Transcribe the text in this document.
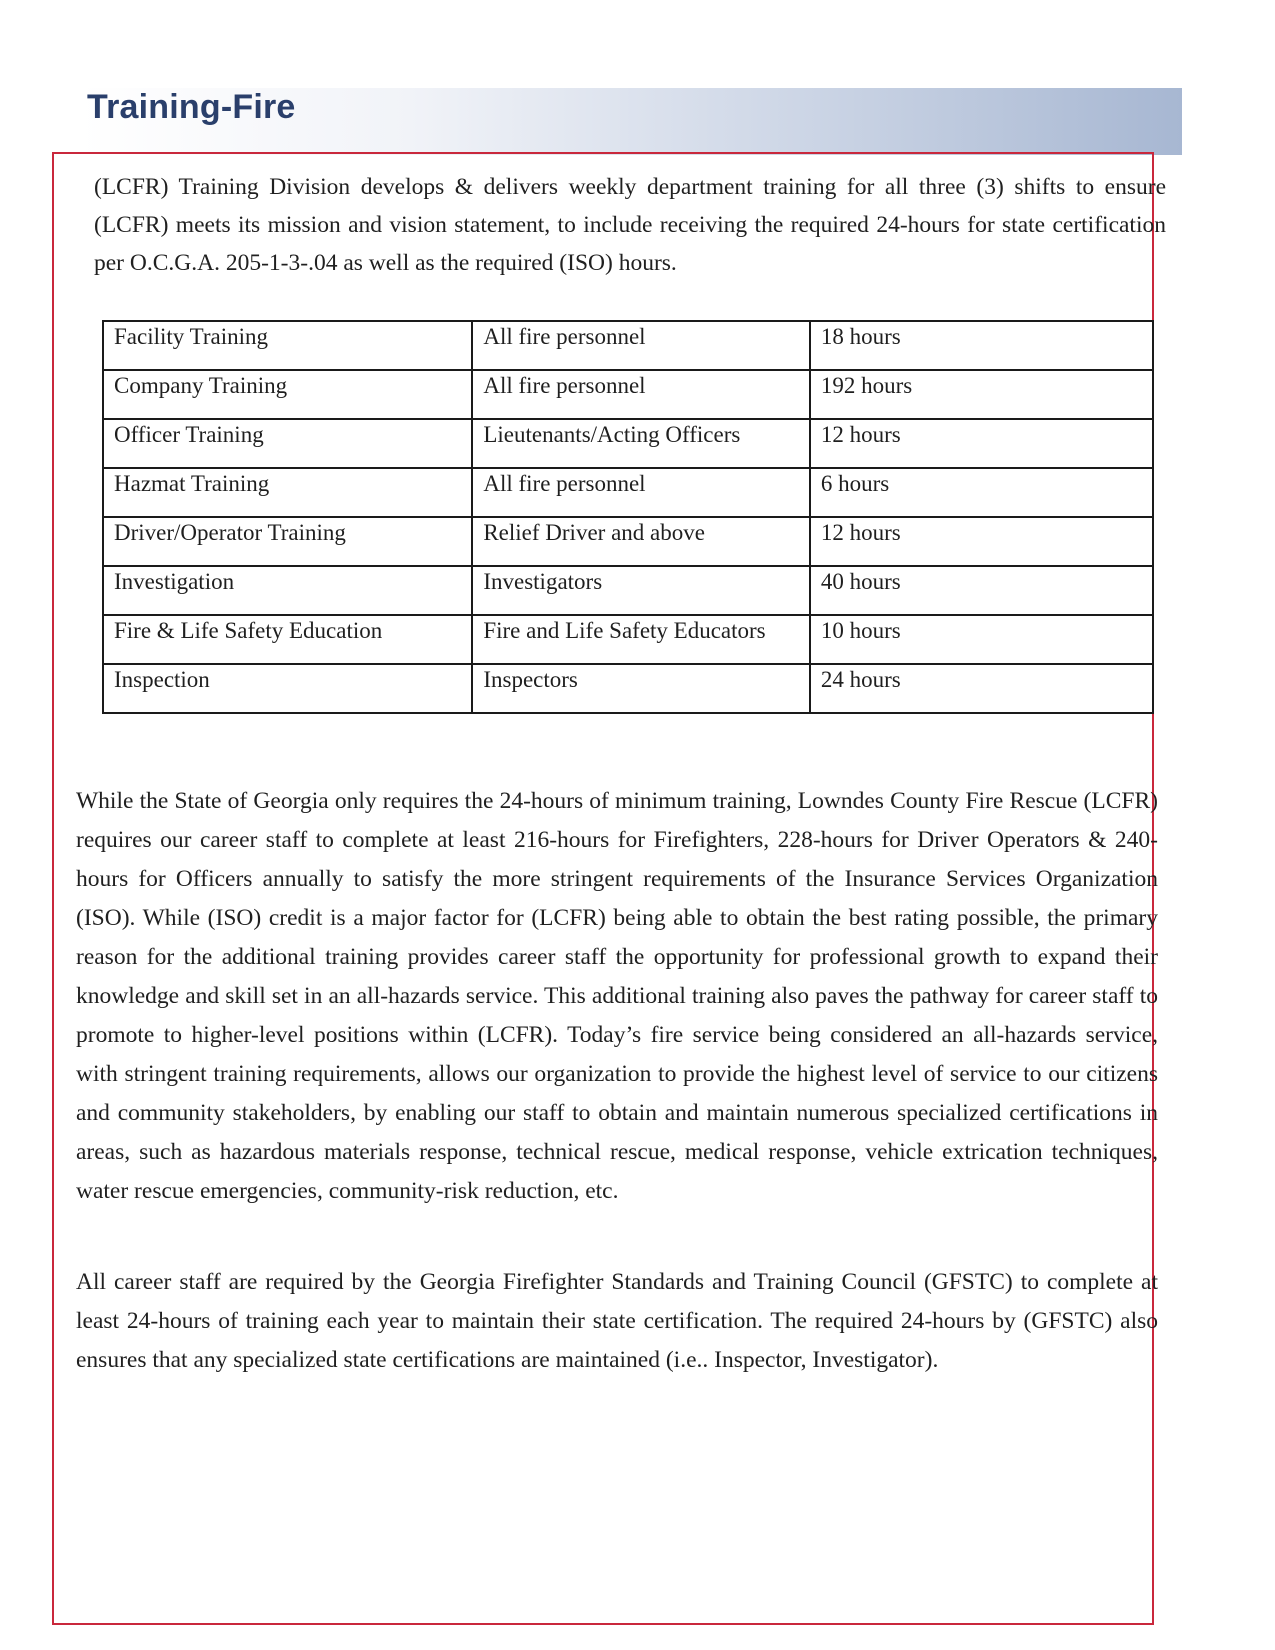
Training-Fire
(LCFR) Training Division develops & delivers weekly department training for all three (3) shifts to ensure (LCFR) meets its mission and vision statement, to include receiving the required 24-hours for state certification per O.C.G.A. 205-1-3-.04 as well as the required (ISO) hours.
Facility Training	All fire personnel	18 hours
Company Training	All fire personnel	192 hours
Officer Training	Lieutenants/Acting Officers	12 hours
Hazmat Training	All fire personnel	6 hours
Driver/Operator Training	Relief Driver and above	12 hours
Investigation	Investigators	40 hours
Fire & Life Safety Education	Fire and Life Safety Educators	10 hours
Inspection	Inspectors	24 hours
While the State of Georgia only requires the 24-hours of minimum training, Lowndes County Fire Rescue (LCFR) requires our career staff to complete at least 216-hours for Firefighters, 228-hours for Driver Operators & 240-hours for Officers annually to satisfy the more stringent requirements of the Insurance Services Organization (ISO). While (ISO) credit is a major factor for (LCFR) being able to obtain the best rating possible, the primary reason for the additional training provides career staff the opportunity for professional growth to expand their knowledge and skill set in an all-hazards service. This additional training also paves the pathway for career staff to promote to higher-level positions within (LCFR). Today’s fire service being considered an all-hazards service, with stringent training requirements, allows our organization to provide the highest level of service to our citizens and community stakeholders, by enabling our staff to obtain and maintain numerous specialized certifications in areas, such as hazardous materials response, technical rescue, medical response, vehicle extrication techniques, water rescue emergencies, community-risk reduction, etc.
All career staff are required by the Georgia Firefighter Standards and Training Council (GFSTC) to complete at least 24-hours of training each year to maintain their state certification. The required 24-hours by (GFSTC) also ensures that any specialized state certifications are maintained (i.e.. Inspector, Investigator).
